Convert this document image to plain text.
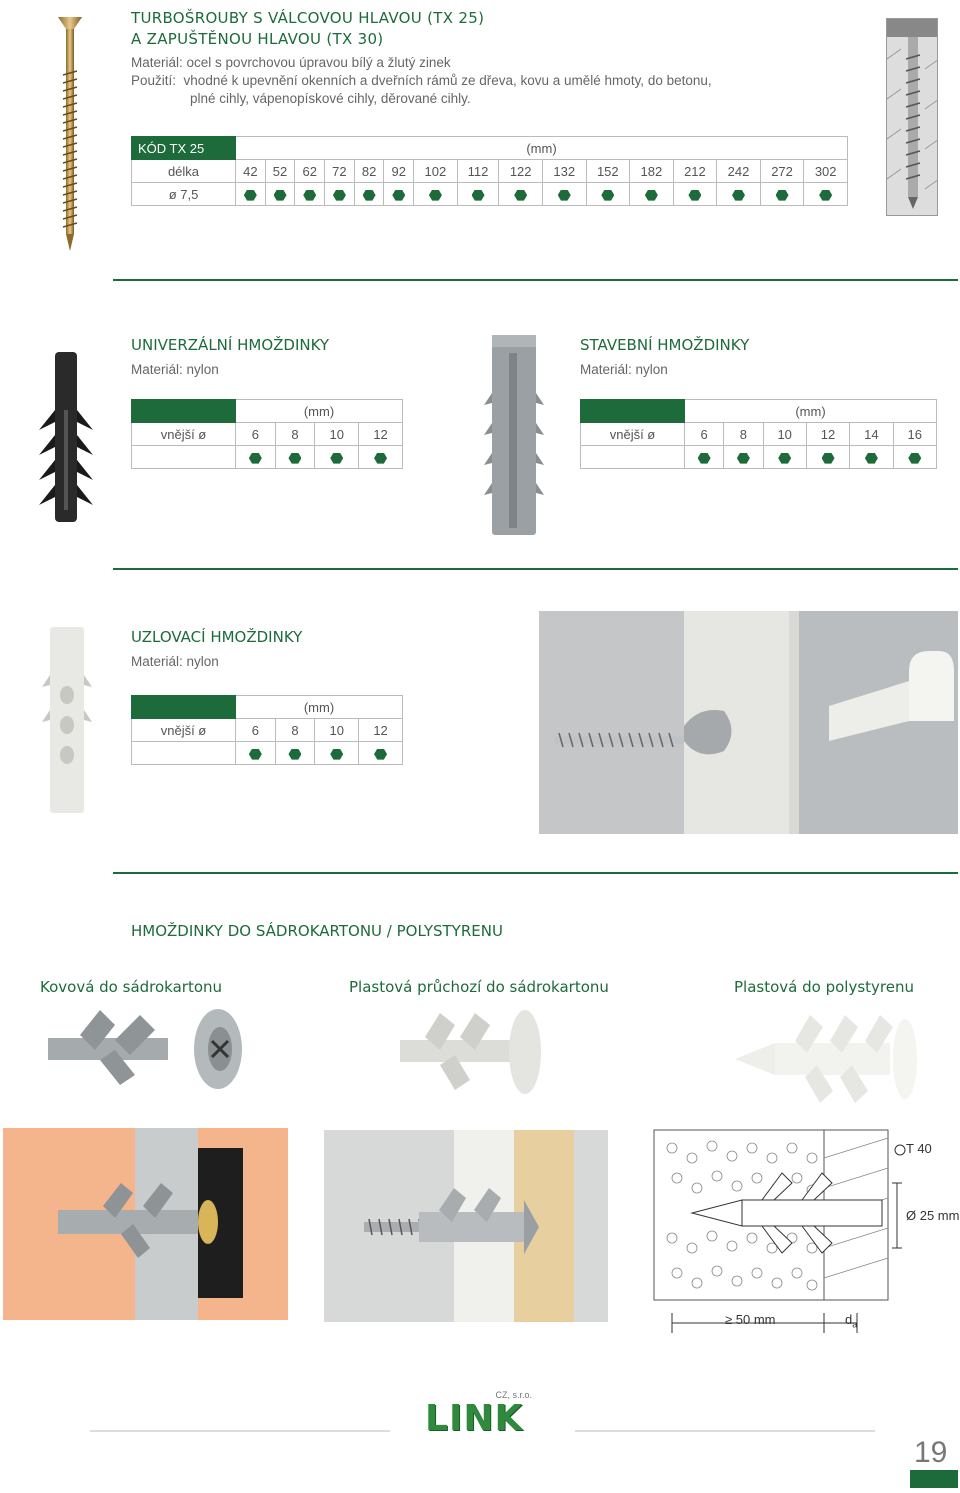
TURBOŠROUBY S VÁLCOVOU HLAVOU (TX 25)
A ZAPUŠTĚNOU HLAVOU (TX 30)
Materiál: ocel s povrchovou úpravou bílý a žlutý zinek
Použití: vhodné k upevnění okenních a dveřních rámů ze dřeva, kovu a umělé hmoty, do betonu,
plné cihly, vápenopískové cihly, děrované cihly.
KÓD TX 25	(mm)															
délka	42	52	62	72	82	92	102	112	122	132	152	182	212	242	272	302
ø 7,5																
UNIVERZÁLNÍ HMOŽDINKY
Materiál: nylon
	(mm)			
vnější ø	6	8	10	12

STAVEBNÍ HMOŽDINKY
Materiál: nylon
	(mm)					
vnější ø	6	8	10	12	14	16

UZLOVACÍ HMOŽDINKY
Materiál: nylon
	(mm)			
vnější ø	6	8	10	12

HMOŽDINKY DO SÁDROKARTONU / POLYSTYRENU
Kovová do sádrokartonu	Plastová průchozí do sádrokartonu	Plastová do polystyrenu
T 40
Ø 25 mm
≥ 50 mm	$d_a$
CZ, s.r.o.
LINK
19
